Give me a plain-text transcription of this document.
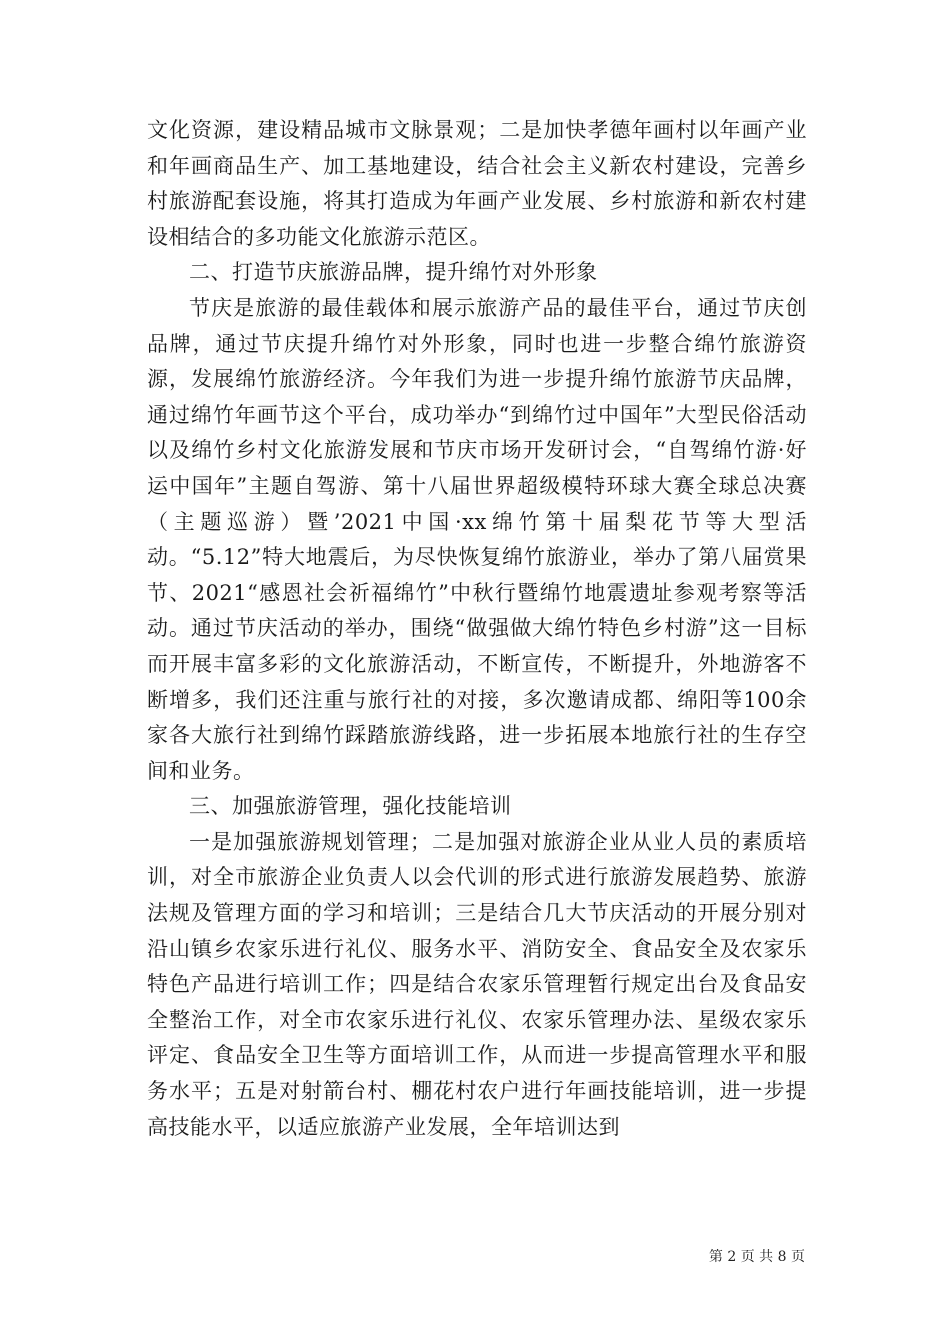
文化资源，建设精品城市文脉景观；二是加快孝德年画村以年画产业和年画商品生产、加工基地建设，结合社会主义新农村建设，完善乡村旅游配套设施，将其打造成为年画产业发展、乡村旅游和新农村建设相结合的多功能文化旅游示范区。

二、打造节庆旅游品牌，提升绵竹对外形象

节庆是旅游的最佳载体和展示旅游产品的最佳平台，通过节庆创品牌，通过节庆提升绵竹对外形象，同时也进一步整合绵竹旅游资源，发展绵竹旅游经济。今年我们为进一步提升绵竹旅游节庆品牌，通过绵竹年画节这个平台，成功举办“到绵竹过中国年”大型民俗活动以及绵竹乡村文化旅游发展和节庆市场开发研讨会，“自驾绵竹游·好运中国年”主题自驾游、第十八届世界超级模特环球大赛全球总决赛（主题巡游）暨’2021中国·xx绵竹第十届梨花节等大型活动。“5.12”特大地震后，为尽快恢复绵竹旅游业，举办了第八届赏果节、2021“感恩社会祈福绵竹”中秋行暨绵竹地震遗址参观考察等活动。通过节庆活动的举办，围绕“做强做大绵竹特色乡村游”这一目标而开展丰富多彩的文化旅游活动，不断宣传，不断提升，外地游客不断增多，我们还注重与旅行社的对接，多次邀请成都、绵阳等100余家各大旅行社到绵竹踩踏旅游线路，进一步拓展本地旅行社的生存空间和业务。

三、加强旅游管理，强化技能培训

一是加强旅游规划管理；二是加强对旅游企业从业人员的素质培训，对全市旅游企业负责人以会代训的形式进行旅游发展趋势、旅游法规及管理方面的学习和培训；三是结合几大节庆活动的开展分别对沿山镇乡农家乐进行礼仪、服务水平、消防安全、食品安全及农家乐特色产品进行培训工作；四是结合农家乐管理暂行规定出台及食品安全整治工作，对全市农家乐进行礼仪、农家乐管理办法、星级农家乐评定、食品安全卫生等方面培训工作，从而进一步提高管理水平和服务水平；五是对射箭台村、棚花村农户进行年画技能培训，进一步提高技能水平，以适应旅游产业发展，全年培训达到

第 2 页 共 8 页
